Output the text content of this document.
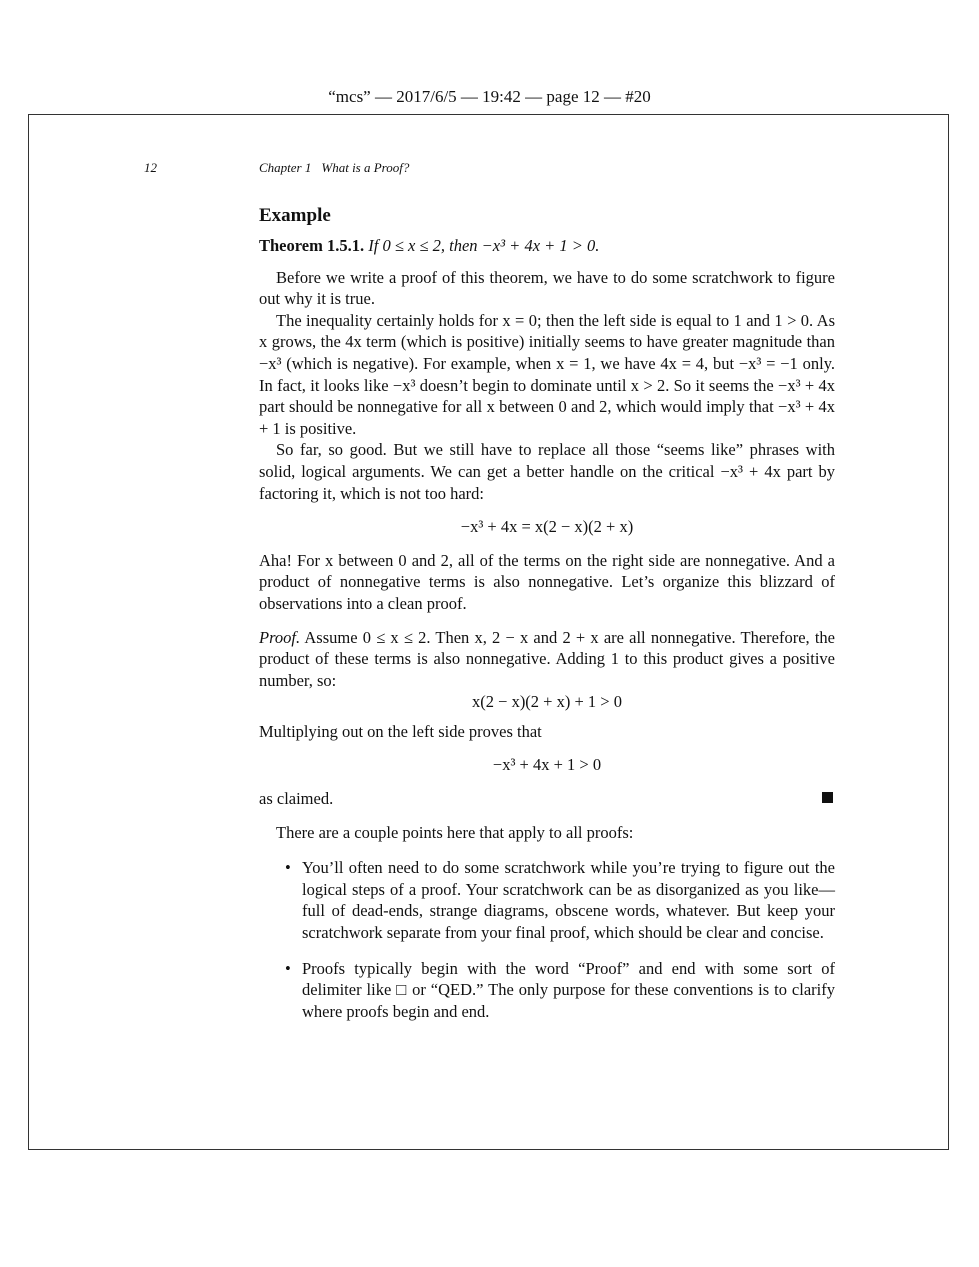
“mcs” — 2017/6/5 — 19:42 — page 12 — #20
12	Chapter 1 What is a Proof?
Example

Theorem 1.5.1. If 0 ≤ x ≤ 2, then −x³ + 4x + 1 > 0.

Before we write a proof of this theorem, we have to do some scratchwork to figure out why it is true.

The inequality certainly holds for x = 0; then the left side is equal to 1 and 1 > 0. As x grows, the 4x term (which is positive) initially seems to have greater magnitude than −x³ (which is negative). For example, when x = 1, we have 4x = 4, but −x³ = −1 only. In fact, it looks like −x³ doesn’t begin to dominate until x > 2. So it seems the −x³ + 4x part should be nonnegative for all x between 0 and 2, which would imply that −x³ + 4x + 1 is positive.

So far, so good. But we still have to replace all those “seems like” phrases with solid, logical arguments. We can get a better handle on the critical −x³ + 4x part by factoring it, which is not too hard:

−x³ + 4x = x(2 − x)(2 + x)

Aha! For x between 0 and 2, all of the terms on the right side are nonnegative. And a product of nonnegative terms is also nonnegative. Let’s organize this blizzard of observations into a clean proof.

Proof. Assume 0 ≤ x ≤ 2. Then x, 2 − x and 2 + x are all nonnegative. Therefore, the product of these terms is also nonnegative. Adding 1 to this product gives a positive number, so:

x(2 − x)(2 + x) + 1 > 0

Multiplying out on the left side proves that

−x³ + 4x + 1 > 0

as claimed.

There are a couple points here that apply to all proofs:

• You’ll often need to do some scratchwork while you’re trying to figure out the logical steps of a proof. Your scratchwork can be as disorganized as you like—full of dead-ends, strange diagrams, obscene words, whatever. But keep your scratchwork separate from your final proof, which should be clear and concise.
• Proofs typically begin with the word “Proof” and end with some sort of delimiter like □ or “QED.” The only purpose for these conventions is to clarify where proofs begin and end.
